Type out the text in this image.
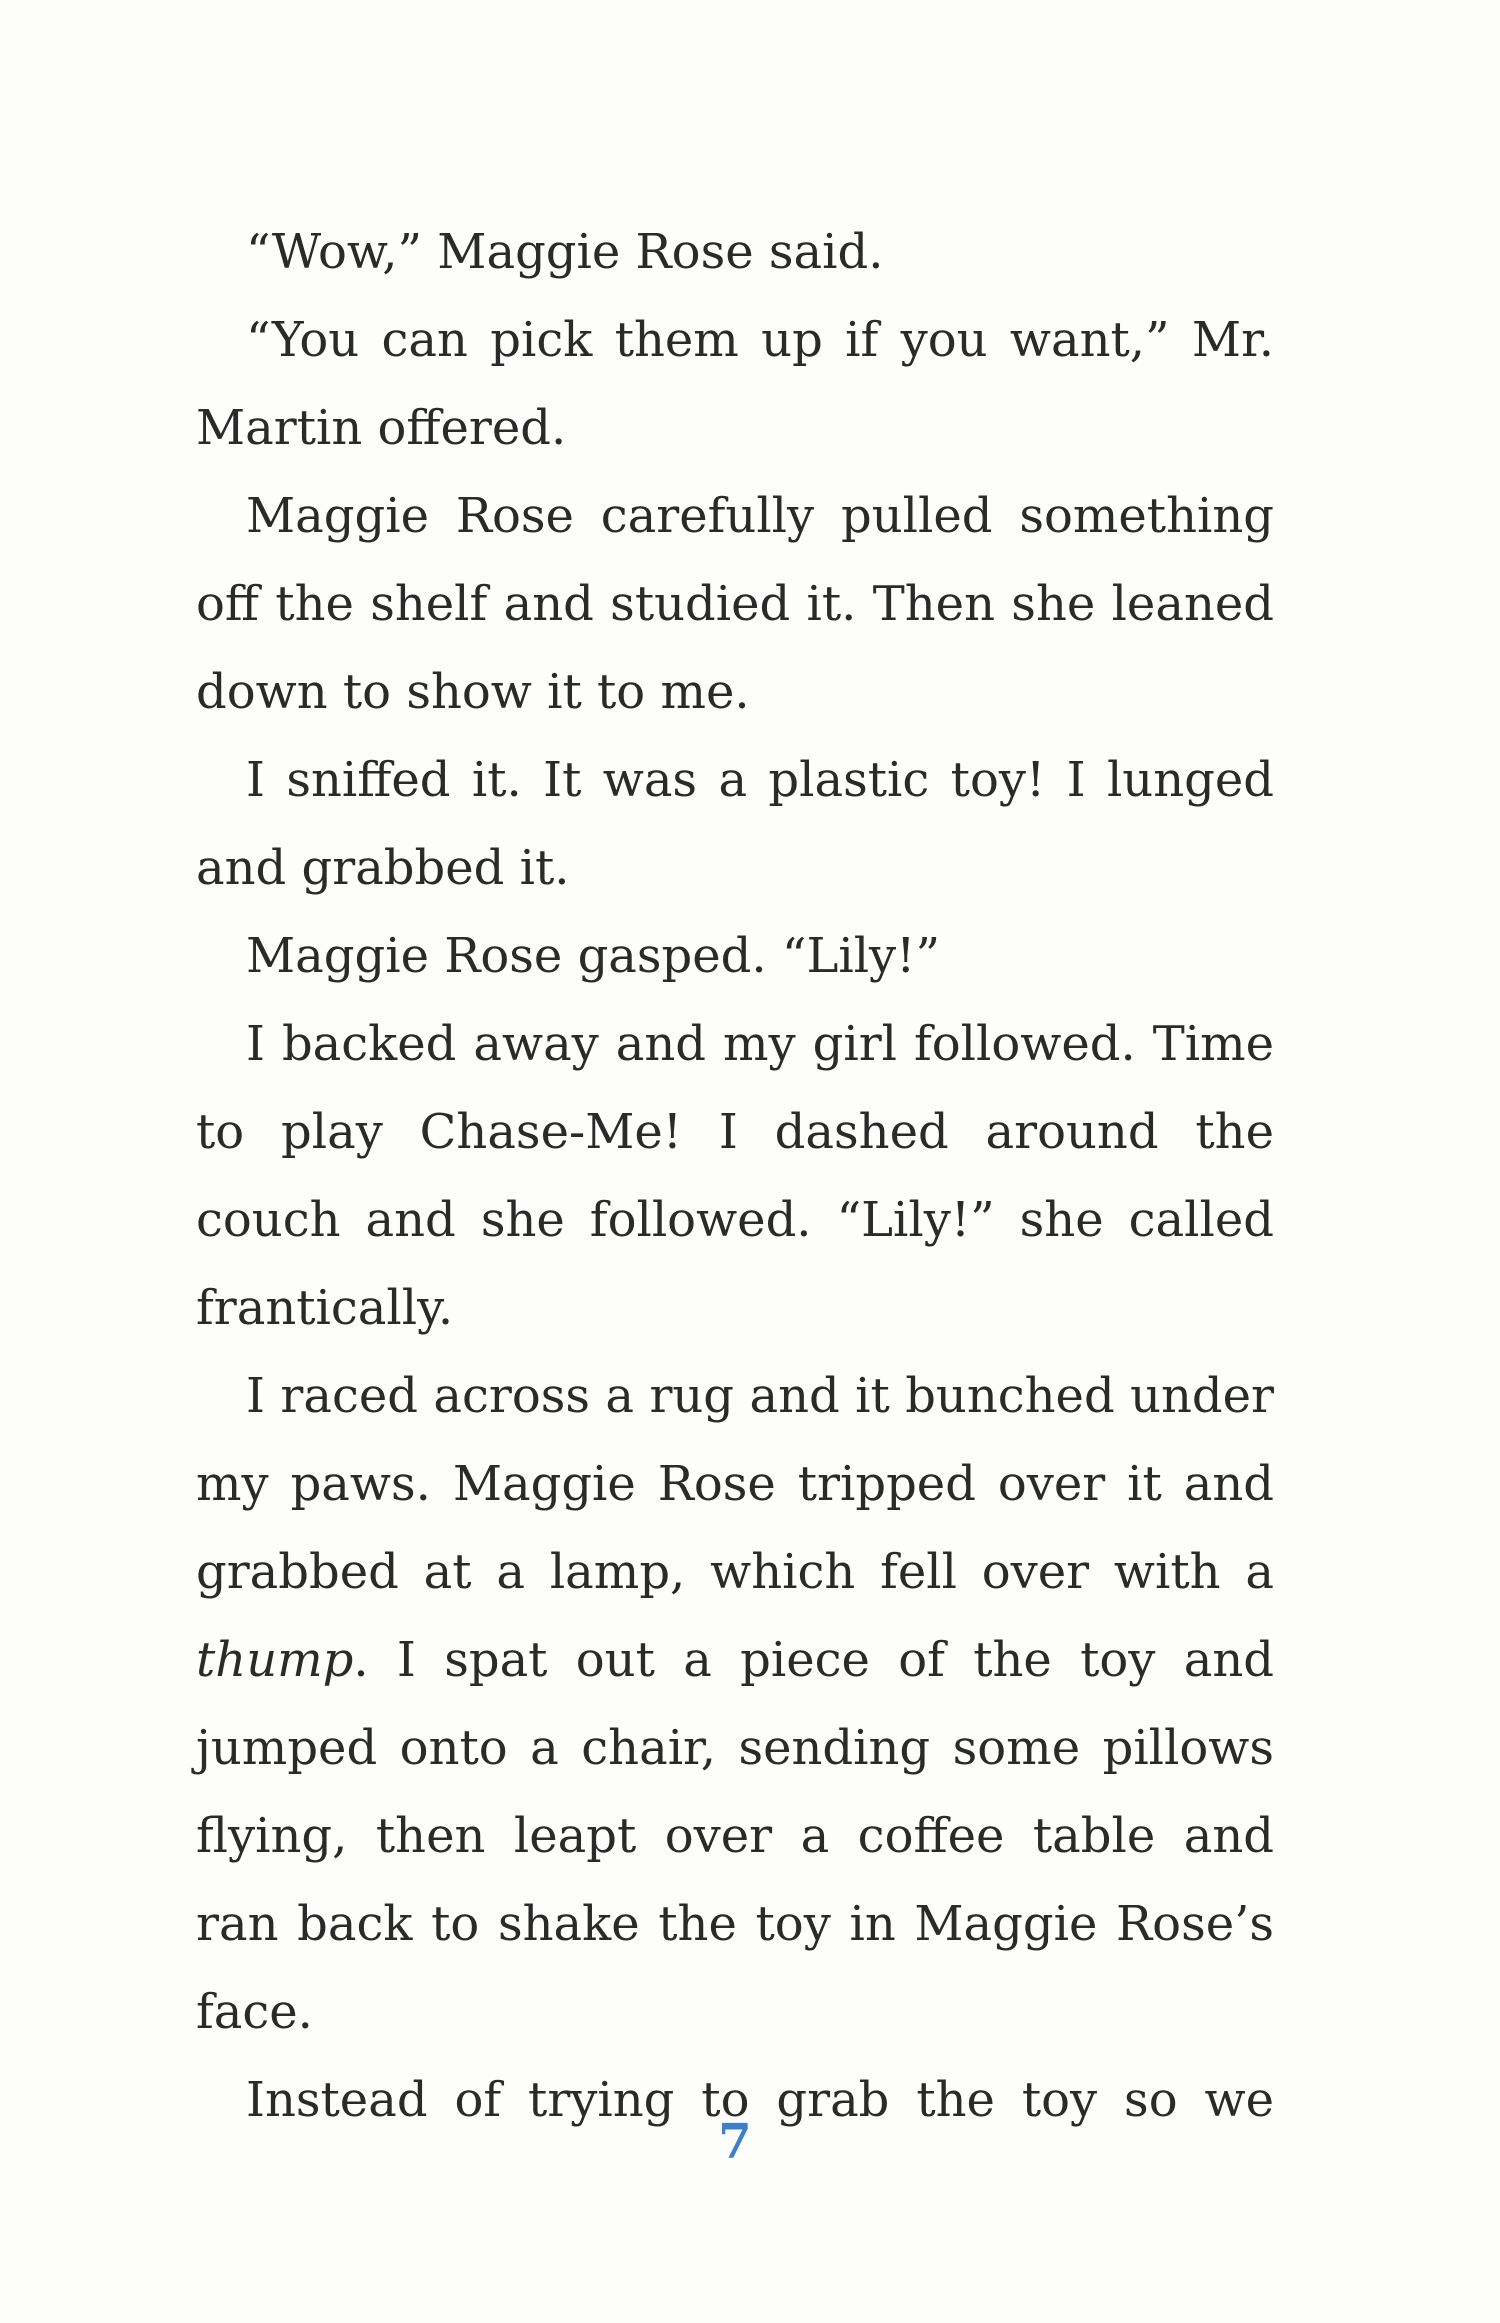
“Wow,” Maggie Rose said.

“You can pick them up if you want,” Mr. Martin offered.

Maggie Rose carefully pulled something off the shelf and studied it. Then she leaned down to show it to me.

I sniffed it. It was a plastic toy! I lunged and grabbed it.

Maggie Rose gasped. “Lily!”

I backed away and my girl followed. Time to play Chase-Me! I dashed around the couch and she followed. “Lily!” she called frantically.

I raced across a rug and it bunched under my paws. Maggie Rose tripped over it and grabbed at a lamp, which fell over with a thump. I spat out a piece of the toy and jumped onto a chair, sending some pillows flying, then leapt over a coffee table and ran back to shake the toy in Maggie Rose’s face.

Instead of trying to grab the toy so we

7
